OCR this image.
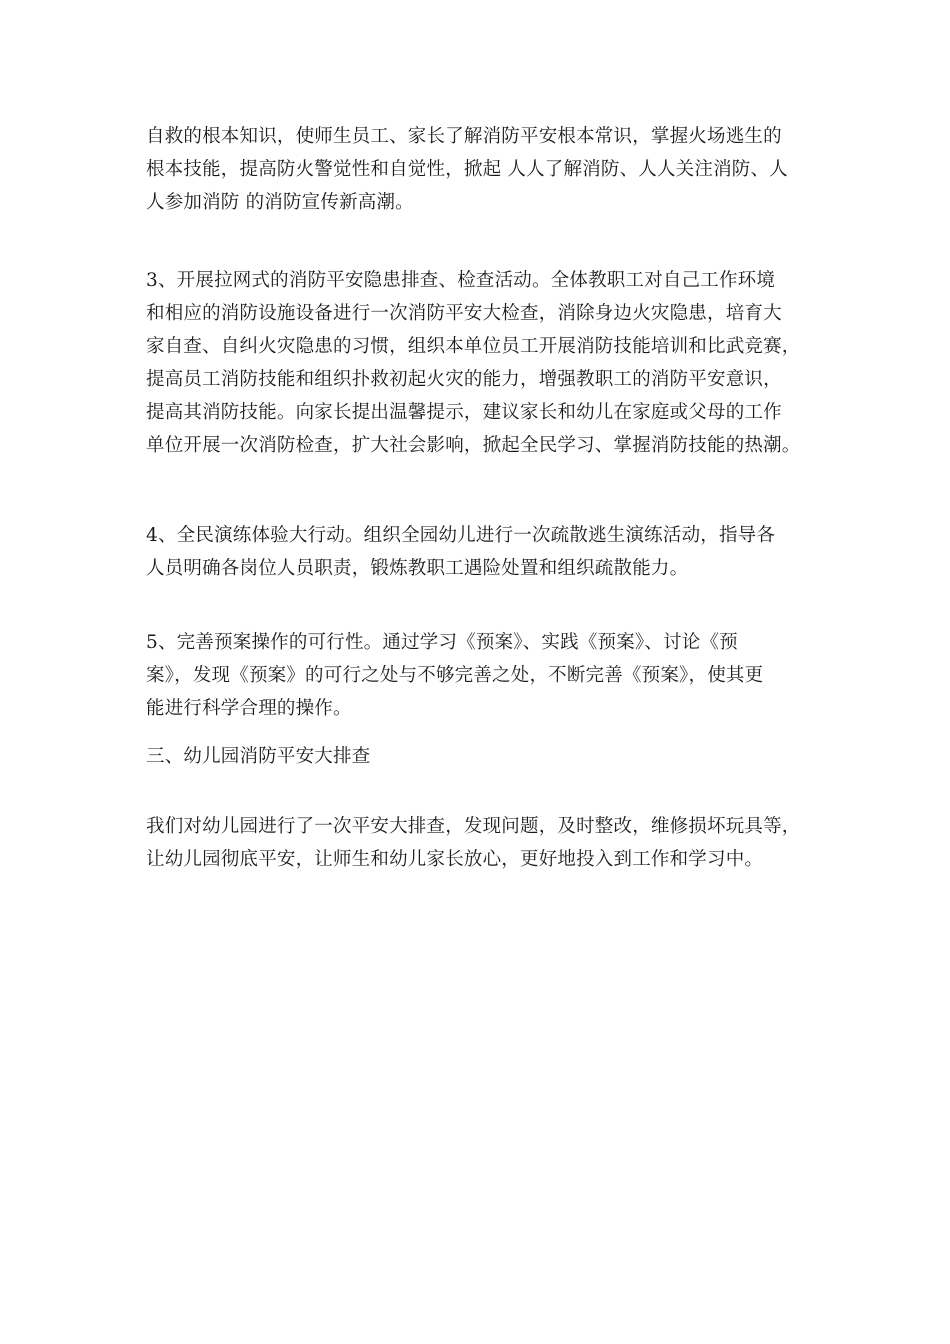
自救的根本知识，使师生员工、家长了解消防平安根本常识，掌握火场逃生的
根本技能，提高防火警觉性和自觉性，掀起 人人了解消防、人人关注消防、人
人参加消防 的消防宣传新高潮。
3、开展拉网式的消防平安隐患排查、检查活动。全体教职工对自己工作环境
和相应的消防设施设备进行一次消防平安大检查，消除身边火灾隐患，培育大
家自查、自纠火灾隐患的习惯，组织本单位员工开展消防技能培训和比武竞赛，
提高员工消防技能和组织扑救初起火灾的能力，增强教职工的消防平安意识，
提高其消防技能。向家长提出温馨提示，建议家长和幼儿在家庭或父母的工作
单位开展一次消防检查，扩大社会影响，掀起全民学习、掌握消防技能的热潮。
4、全民演练体验大行动。组织全园幼儿进行一次疏散逃生演练活动，指导各
人员明确各岗位人员职责，锻炼教职工遇险处置和组织疏散能力。
5、完善预案操作的可行性。通过学习《预案》、实践《预案》、讨论《预
案》，发现《预案》的可行之处与不够完善之处，不断完善《预案》，使其更
能进行科学合理的操作。
三、幼儿园消防平安大排查
我们对幼儿园进行了一次平安大排查，发现问题，及时整改，维修损坏玩具等，
让幼儿园彻底平安，让师生和幼儿家长放心，更好地投入到工作和学习中。
